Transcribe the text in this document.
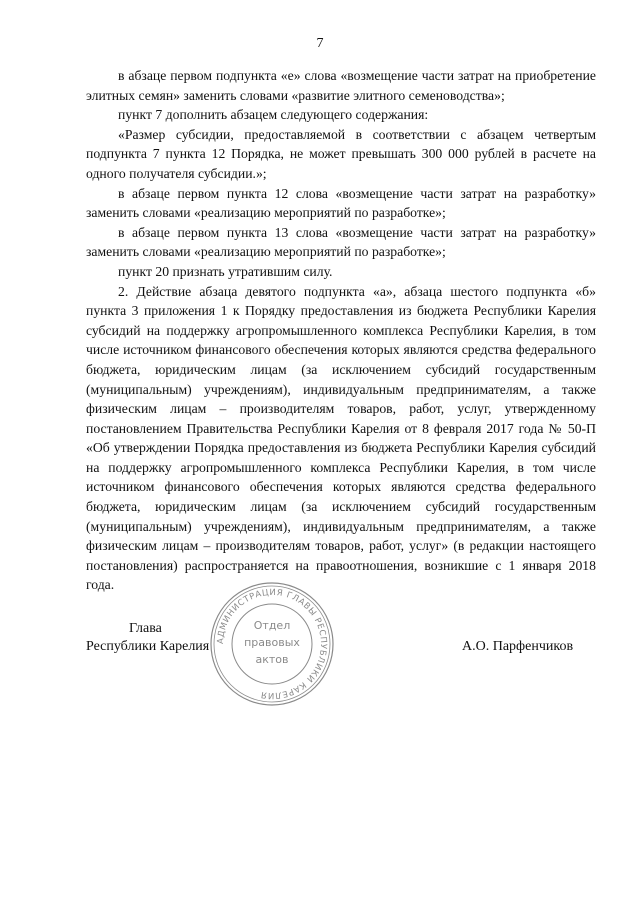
7

в абзаце первом подпункта «е» слова «возмещение части затрат на приобретение элитных семян» заменить словами «развитие элитного семеноводства»;

пункт 7 дополнить абзацем следующего содержания:

«Размер субсидии, предоставляемой в соответствии с абзацем четвертым подпункта 7 пункта 12 Порядка, не может превышать 300 000 рублей в расчете на одного получателя субсидии.»;

в абзаце первом пункта 12 слова «возмещение части затрат на разработку» заменить словами «реализацию мероприятий по разработке»;

в абзаце первом пункта 13 слова «возмещение части затрат на разработку» заменить словами «реализацию мероприятий по разработке»;

пункт 20 признать утратившим силу.

2. Действие абзаца девятого подпункта «а», абзаца шестого подпункта «б» пункта 3 приложения 1 к Порядку предоставления из бюджета Республики Карелия субсидий на поддержку агропромышленного комплекса Республики Карелия, в том числе источником финансового обеспечения которых являются средства федерального бюджета, юридическим лицам (за исключением субсидий государственным (муниципальным) учреждениям), индивидуальным предпринимателям, а также физическим лицам – производителям товаров, работ, услуг, утвержденному постановлением Правительства Республики Карелия от 8 февраля 2017 года № 50-П «Об утверждении Порядка предоставления из бюджета Республики Карелия субсидий на поддержку агропромышленного комплекса Республики Карелия, в том числе источником финансового обеспечения которых являются средства федерального бюджета, юридическим лицам (за исключением субсидий государственным (муниципальным) учреждениям), индивидуальным предпринимателям, а также физическим лицам – производителям товаров, работ, услуг» (в редакции настоящего постановления) распространяется на правоотношения, возникшие с 1 января 2018 года.

Глава
Республики Карелия АДМИНИСТРАЦИЯ ГЛАВЫ РЕСПУБЛИКИ КАРЕЛИЯ
Отдел
правовых
актов
А.О. Парфенчиков
